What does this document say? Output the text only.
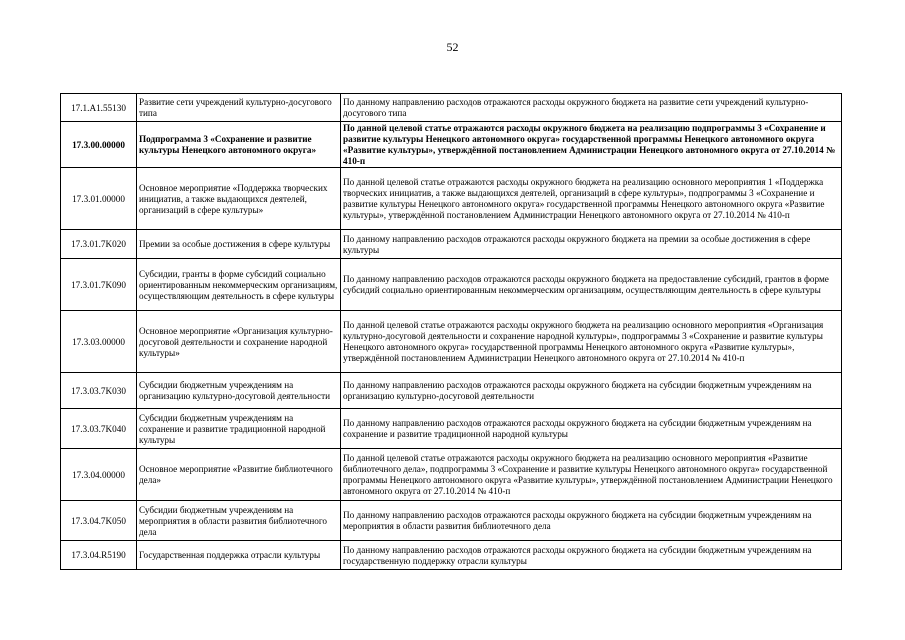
52
17.1.A1.55130	Развитие сети учреждений культурно-досугового типа	По данному направлению расходов отражаются расходы окружного бюджета на развитие сети учреждений культурно-досугового типа
17.3.00.00000	Подпрограмма 3 «Сохранение и развитие культуры Ненецкого автономного округа»	По данной целевой статье отражаются расходы окружного бюджета на реализацию подпрограммы 3 «Сохранение и развитие культуры Ненецкого автономного округа» государственной программы Ненецкого автономного округа «Развитие культуры», утверждённой постановлением Администрации Ненецкого автономного округа от 27.10.2014 № 410-п
17.3.01.00000	Основное мероприятие «Поддержка творческих инициатив, а также выдающихся деятелей, организаций в сфере культуры»	По данной целевой статье отражаются расходы окружного бюджета на реализацию основного мероприятия 1 «Поддержка творческих инициатив, а также выдающихся деятелей, организаций в сфере культуры», подпрограммы 3 «Сохранение и развитие культуры Ненецкого автономного округа» государственной программы Ненецкого автономного округа «Развитие культуры», утверждённой постановлением Администрации Ненецкого автономного округа от 27.10.2014 № 410-п
17.3.01.7K020	Премии за особые достижения в сфере культуры	По данному направлению расходов отражаются расходы окружного бюджета на премии за особые достижения в сфере культуры
17.3.01.7K090	Субсидии, гранты в форме субсидий социально ориентированным некоммерческим организациям, осуществляющим деятельность в сфере культуры	По данному направлению расходов отражаются расходы окружного бюджета на предоставление субсидий, грантов в форме субсидий социально ориентированным некоммерческим организациям, осуществляющим деятельность в сфере культуры
17.3.03.00000	Основное мероприятие «Организация культурно-досуговой деятельности и сохранение народной культуры»	По данной целевой статье отражаются расходы окружного бюджета на реализацию основного мероприятия «Организация культурно-досуговой деятельности и сохранение народной культуры», подпрограммы 3 «Сохранение и развитие культуры Ненецкого автономного округа» государственной программы Ненецкого автономного округа «Развитие культуры», утверждённой постановлением Администрации Ненецкого автономного округа от 27.10.2014 № 410-п
17.3.03.7K030	Субсидии бюджетным учреждениям на организацию культурно-досуговой деятельности	По данному направлению расходов отражаются расходы окружного бюджета на субсидии бюджетным учреждениям на организацию культурно-досуговой деятельности
17.3.03.7K040	Субсидии бюджетным учреждениям на сохранение и развитие традиционной народной культуры	По данному направлению расходов отражаются расходы окружного бюджета на субсидии бюджетным учреждениям на сохранение и развитие традиционной народной культуры
17.3.04.00000	Основное мероприятие «Развитие библиотечного дела»	По данной целевой статье отражаются расходы окружного бюджета на реализацию основного мероприятия «Развитие библиотечного дела», подпрограммы 3 «Сохранение и развитие культуры Ненецкого автономного округа» государственной программы Ненецкого автономного округа «Развитие культуры», утверждённой постановлением Администрации Ненецкого автономного округа от 27.10.2014 № 410-п
17.3.04.7K050	Субсидии бюджетным учреждениям на мероприятия в области развития библиотечного дела	По данному направлению расходов отражаются расходы окружного бюджета на субсидии бюджетным учреждениям на мероприятия в области развития библиотечного дела
17.3.04.R5190	Государственная поддержка отрасли культуры	По данному направлению расходов отражаются расходы окружного бюджета на субсидии бюджетным учреждениям на государственную поддержку отрасли культуры
